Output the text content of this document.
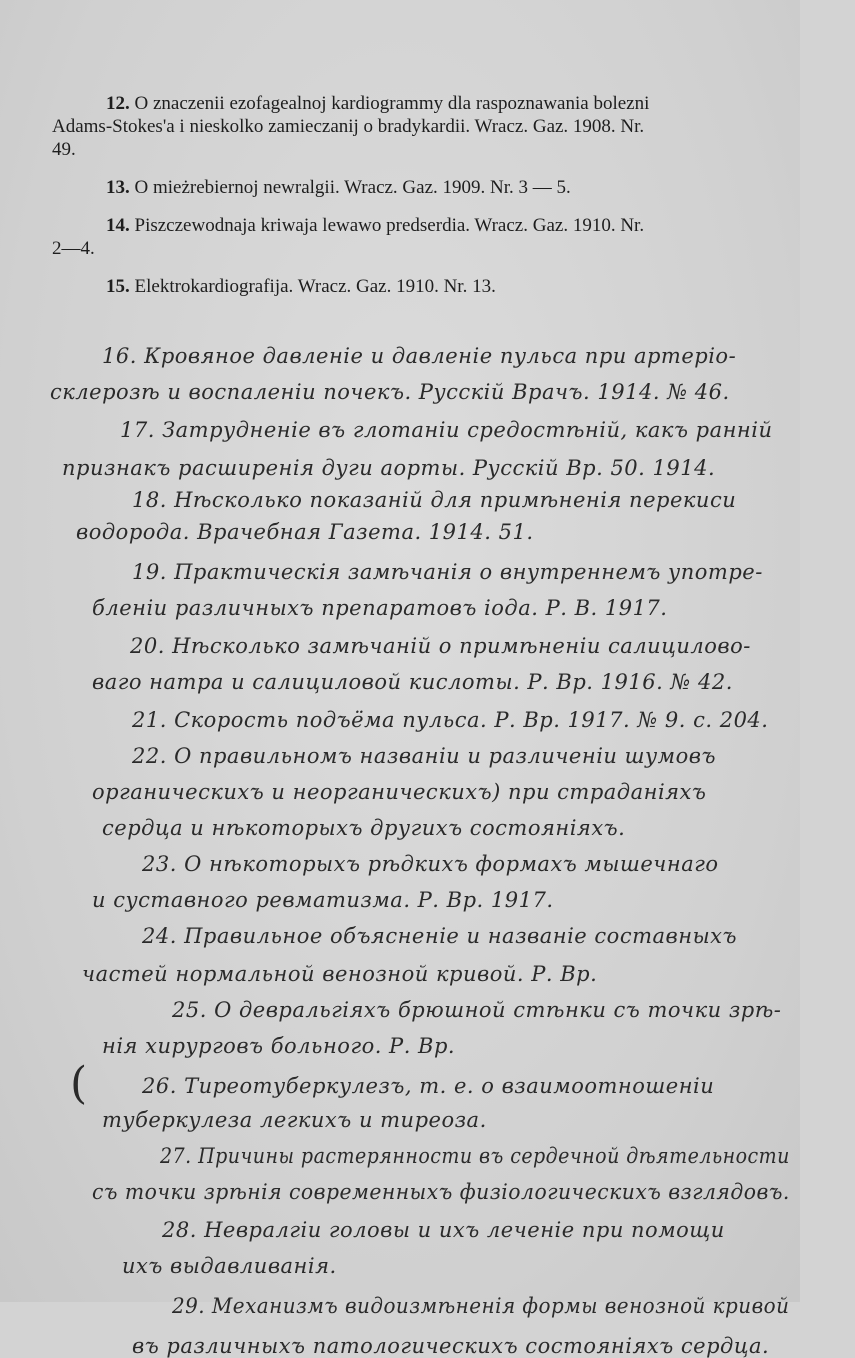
12. O znaczenii ezofagealnoj kardiogrammy dla raspoznawania bolezni Adams-Stokes'a i nieskolko zamieczanij o bradykardii. Wracz. Gaz. 1908. Nr. 49.

13. O mieżrebiernoj newralgii. Wracz. Gaz. 1909. Nr. 3 — 5.

14. Piszczewodnaja kriwaja lewawo predserdia. Wracz. Gaz. 1910. Nr. 2—4.

15. Elektrokardiografija. Wracz. Gaz. 1910. Nr. 13.

16. Кровяное давленіе и давленіе пульса при артеріо-
склерозѣ и воспаленіи почекъ. Русскій Врачъ. 1914. № 46.
17. Затрудненіе въ глотаніи средостѣній, какъ ранній
признакъ расширенія дуги аорты. Русскій Вр. 50. 1914.
18. Нѣсколько показаній для примѣненія перекиси
водорода. Врачебная Газета. 1914. 51.
19. Практическія замѣчанія о внутреннемъ употре-
бленіи различныхъ препаратовъ іода. Р. В. 1917.
20. Нѣсколько замѣчаній о примѣненіи салициловo-
ваго натра и салициловой кислоты. Р. Вр. 1916. № 42.
21. Скорость подъёма пульса. Р. Вр. 1917. № 9. с. 204.
22. О правильномъ названіи и различеніи шумовъ
органическихъ и неорганическихъ) при страданіяхъ
сердца и нѣкоторыхъ другихъ состояніяхъ.
23. О нѣкоторыхъ рѣдкихъ формахъ мышечнаго
и суставного ревматизма. Р. Вр. 1917.
24. Правильное объясненіе и названіе составныхъ
частей нормальной венозной кривой. Р. Вр.
25. О девральгіяхъ брюшной стѣнки съ точки зрѣ-
нія хирурговъ больного. Р. Вр.
26. Тиреотуберкулезъ, т. е. о взаимоотношеніи
туберкулеза легкихъ и тиреоза.
27. Причины растерянности въ сердечной дѣятельности
съ точки зрѣнія современныхъ физіологическихъ взглядовъ.
28. Невралгіи головы и ихъ леченіе при помощи
ихъ выдавливанія.
29. Механизмъ видоизмѣненія формы венозной кривой
въ различныхъ патологическихъ состояніяхъ сердца.
(
